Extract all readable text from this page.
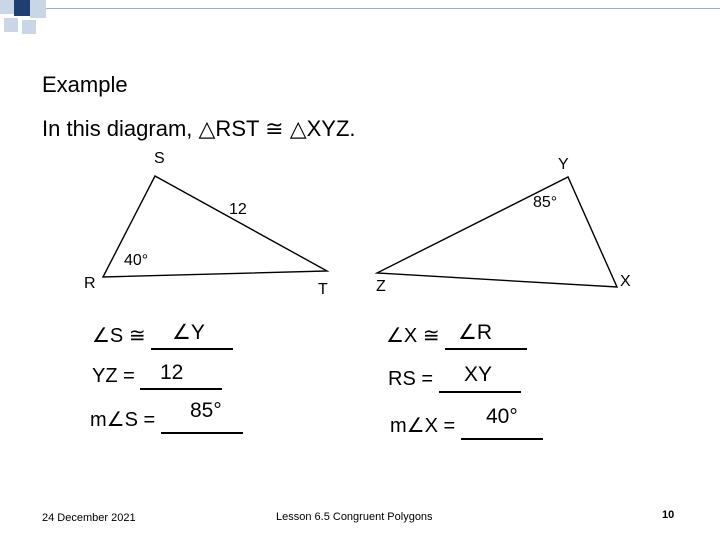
Example
In this diagram, △RST ≅ △XYZ.
S
R	T
12
40°
Y
Z	X
85°
∠S ≅	∠Y
YZ =	12
m∠S =	85°
∠X ≅ ∠R
RS =	XY
m∠X =	40°
24 December 2021	Lesson 6.5 Congruent Polygons	10
